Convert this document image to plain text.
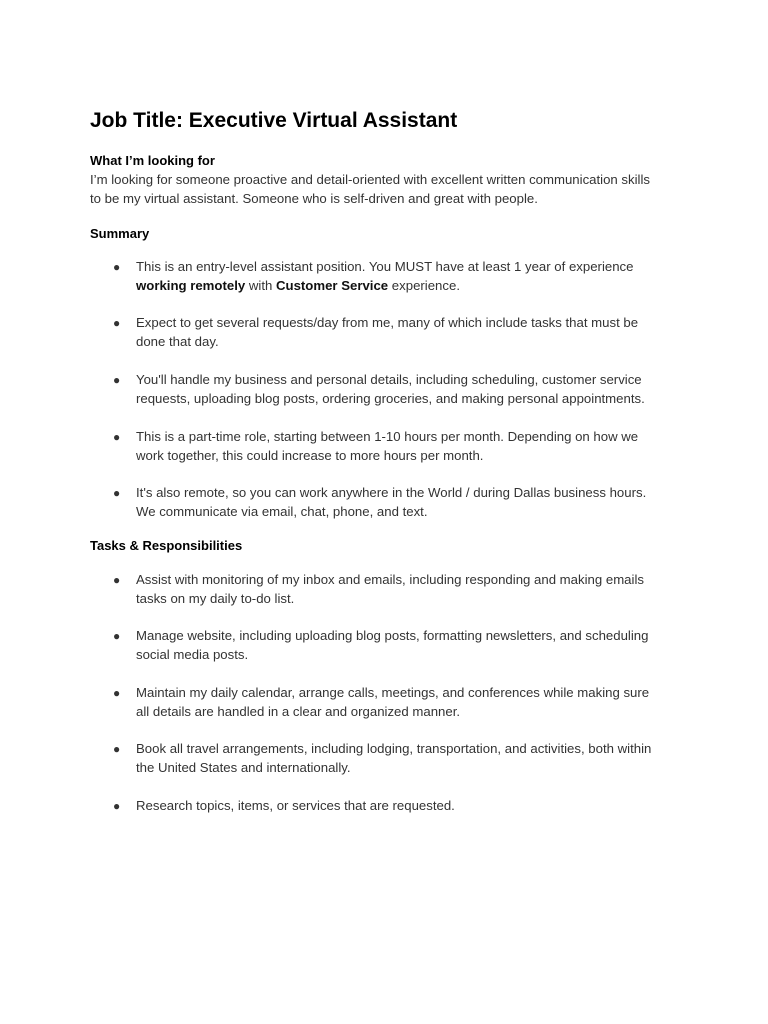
Job Title: Executive Virtual Assistant
What I’m looking for

I’m looking for someone proactive and detail-oriented with excellent written communication skills
to be my virtual assistant. Someone who is self-driven and great with people.

Summary
● This is an entry-level assistant position. You MUST have at least 1 year of experience
working remotely with Customer Service experience.
● Expect to get several requests/day from me, many of which include tasks that must be
done that day.
● You'll handle my business and personal details, including scheduling, customer service
requests, uploading blog posts, ordering groceries, and making personal appointments.
● This is a part-time role, starting between 1-10 hours per month. Depending on how we
work together, this could increase to more hours per month.
● It's also remote, so you can work anywhere in the World / during Dallas business hours.
We communicate via email, chat, phone, and text.
Tasks & Responsibilities
● Assist with monitoring of my inbox and emails, including responding and making emails
tasks on my daily to-do list.
● Manage website, including uploading blog posts, formatting newsletters, and scheduling
social media posts.
● Maintain my daily calendar, arrange calls, meetings, and conferences while making sure
all details are handled in a clear and organized manner.
● Book all travel arrangements, including lodging, transportation, and activities, both within
the United States and internationally.
● Research topics, items, or services that are requested.
